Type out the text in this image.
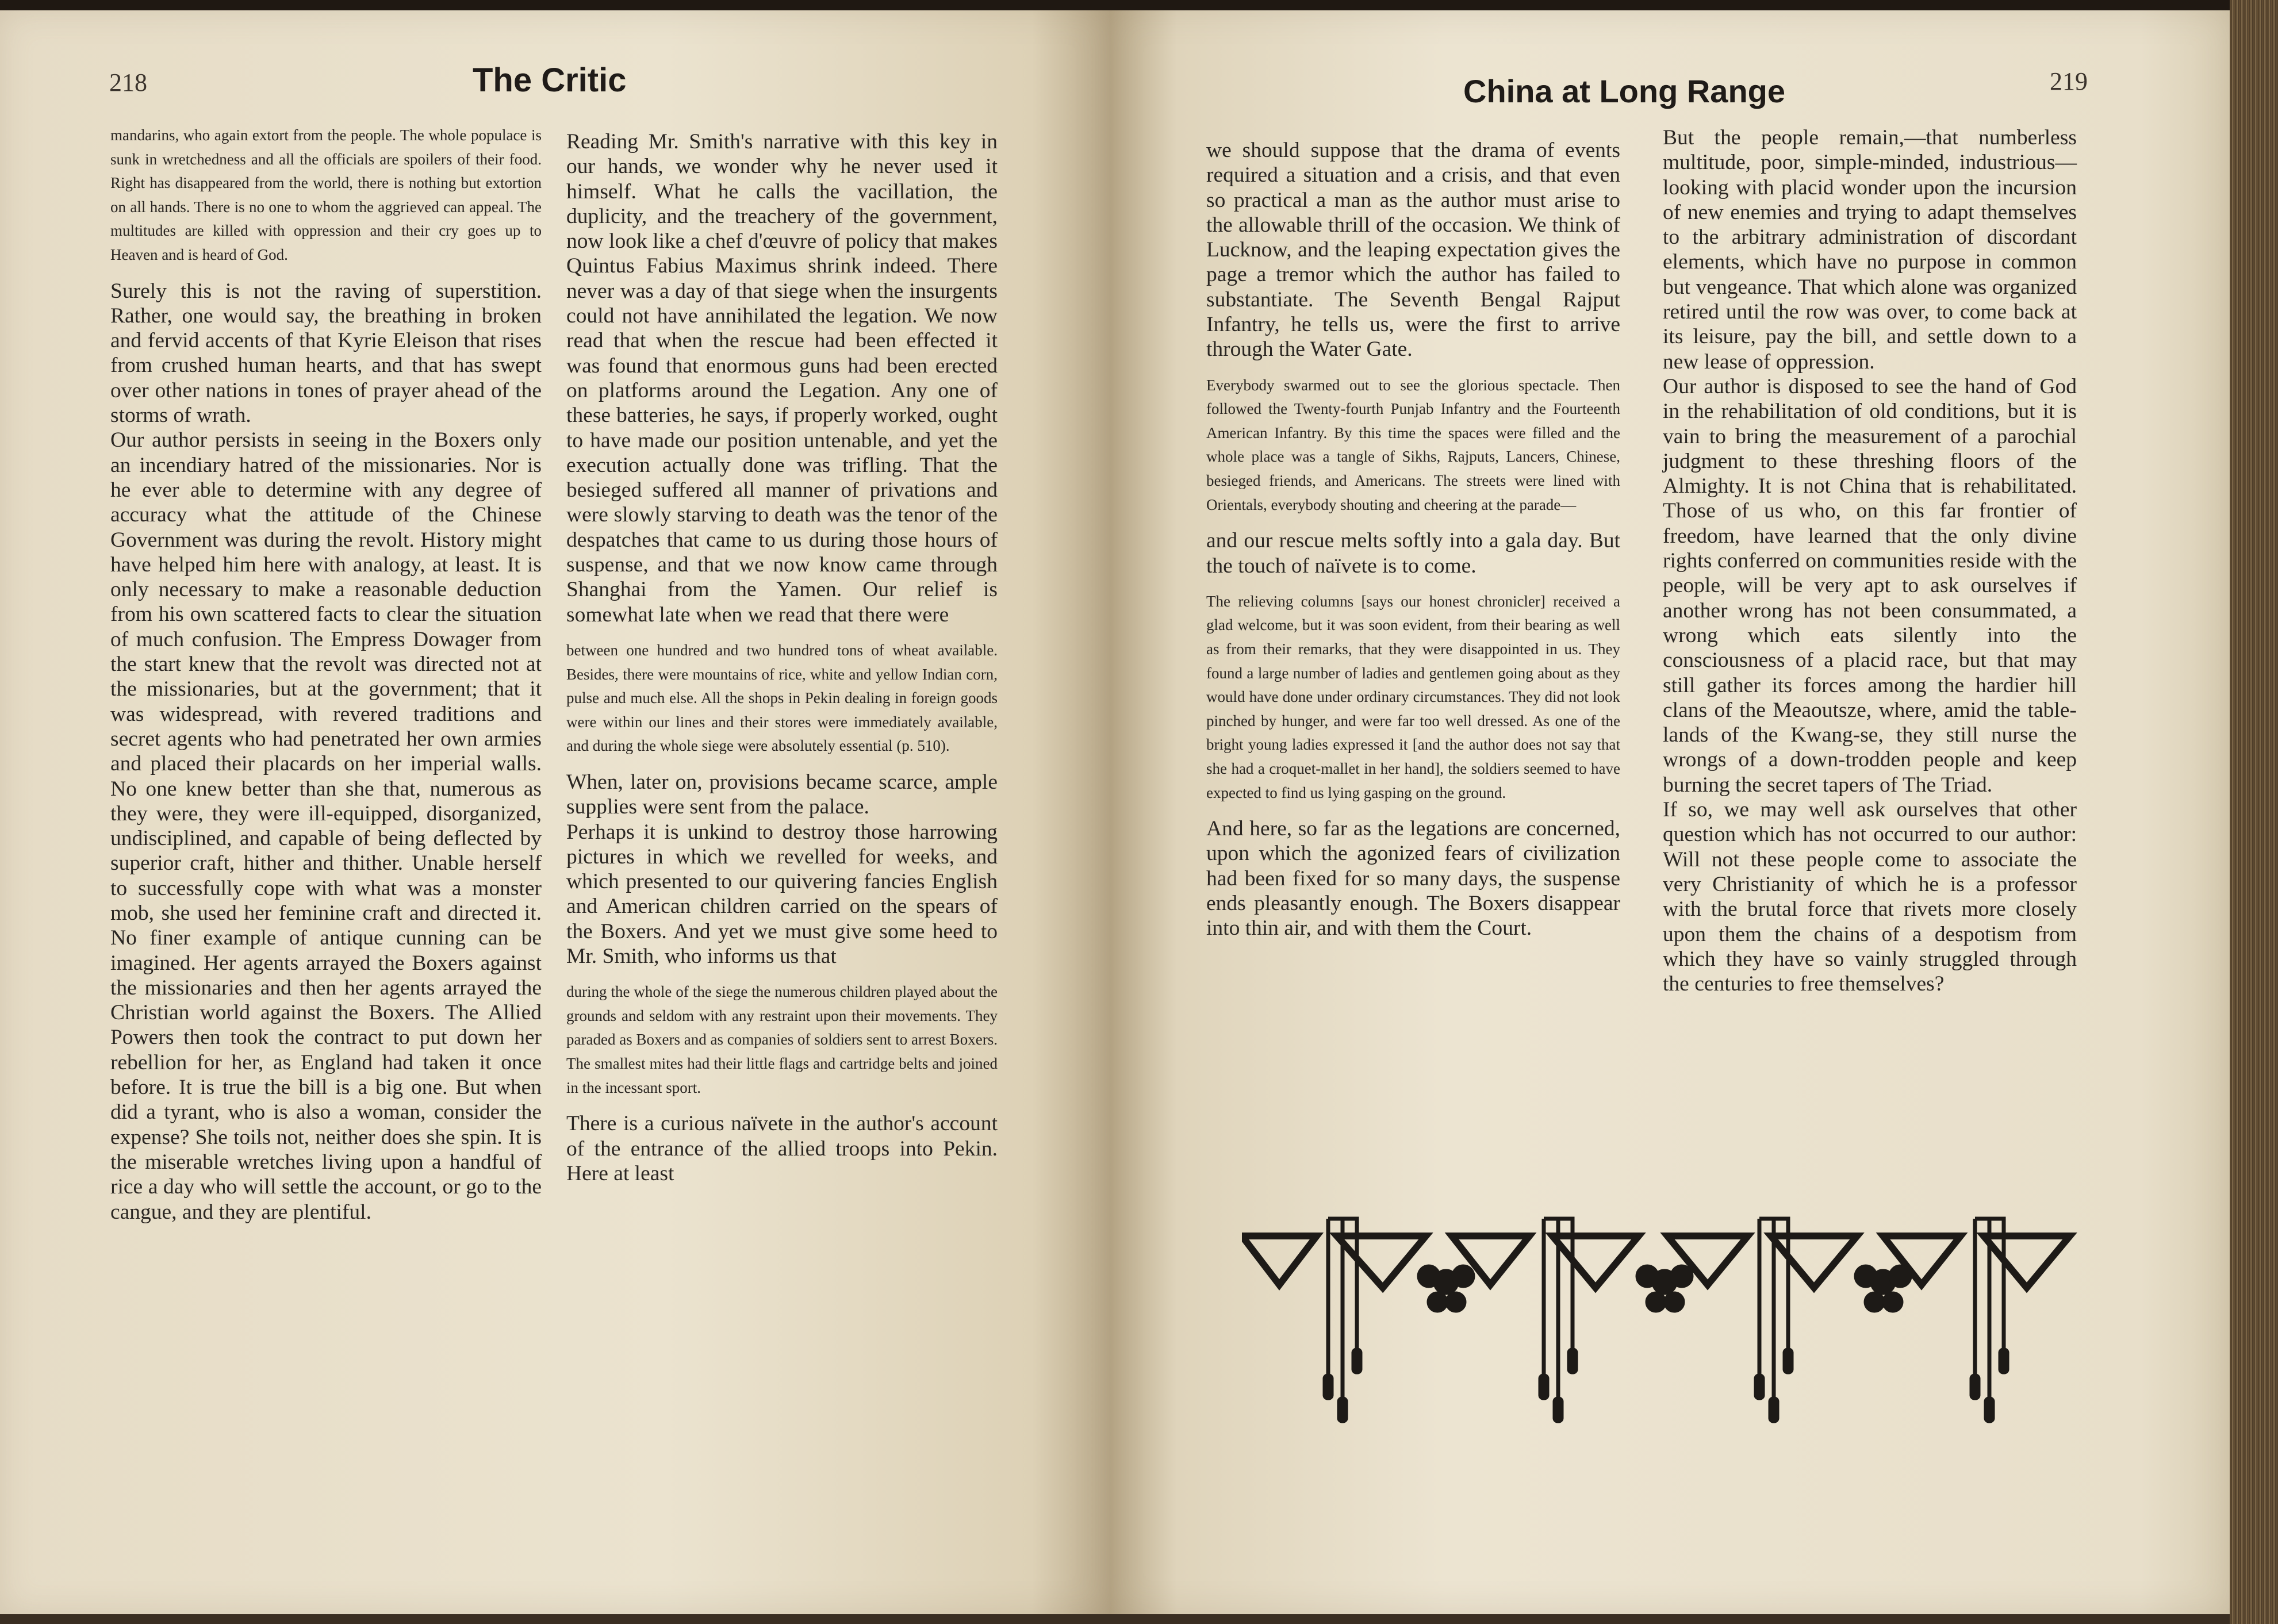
218	The Critic

mandarins, who again extort from the people. The whole populace is sunk in wretchedness and all the officials are spoilers of their food. Right has disappeared from the world, there is nothing but extortion on all hands. There is no one to whom the aggrieved can appeal. The multitudes are killed with oppression and their cry goes up to Heaven and is heard of God.

Surely this is not the raving of superstition. Rather, one would say, the breathing in broken and fervid accents of that Kyrie Eleison that rises from crushed human hearts, and that has swept over other nations in tones of prayer ahead of the storms of wrath.

Our author persists in seeing in the Boxers only an incendiary hatred of the missionaries. Nor is he ever able to determine with any degree of accuracy what the attitude of the Chinese Government was during the revolt. History might have helped him here with analogy, at least. It is only necessary to make a reasonable deduction from his own scattered facts to clear the situation of much confusion. The Empress Dowager from the start knew that the revolt was directed not at the missionaries, but at the government; that it was widespread, with revered traditions and secret agents who had penetrated her own armies and placed their placards on her imperial walls. No one knew better than she that, numerous as they were, they were ill-equipped, disorganized, undisciplined, and capable of being deflected by superior craft, hither and thither. Unable herself to successfully cope with what was a monster mob, she used her feminine craft and directed it. No finer example of antique cunning can be imagined. Her agents arrayed the Boxers against the missionaries and then her agents arrayed the Christian world against the Boxers. The Allied Powers then took the contract to put down her rebellion for her, as England had taken it once before. It is true the bill is a big one. But when did a tyrant, who is also a woman, consider the expense? She toils not, neither does she spin. It is the miserable wretches living upon a handful of rice a day who will settle the account, or go to the cangue, and they are plentiful.

Reading Mr. Smith's narrative with this key in our hands, we wonder why he never used it himself. What he calls the vacillation, the duplicity, and the treachery of the government, now look like a chef d'œuvre of policy that makes Quintus Fabius Maximus shrink indeed. There never was a day of that siege when the insurgents could not have annihilated the legation. We now read that when the rescue had been effected it was found that enormous guns had been erected on platforms around the Legation. Any one of these batteries, he says, if properly worked, ought to have made our position untenable, and yet the execution actually done was trifling. That the besieged suffered all manner of privations and were slowly starving to death was the tenor of the despatches that came to us during those hours of suspense, and that we now know came through Shanghai from the Yamen. Our relief is somewhat late when we read that there were

between one hundred and two hundred tons of wheat available. Besides, there were mountains of rice, white and yellow Indian corn, pulse and much else. All the shops in Pekin dealing in foreign goods were within our lines and their stores were immediately available, and during the whole siege were absolutely essential (p. 510).

When, later on, provisions became scarce, ample supplies were sent from the palace.

Perhaps it is unkind to destroy those harrowing pictures in which we revelled for weeks, and which presented to our quivering fancies English and American children carried on the spears of the Boxers. And yet we must give some heed to Mr. Smith, who informs us that

during the whole of the siege the numerous children played about the grounds and seldom with any restraint upon their movements. They paraded as Boxers and as companies of soldiers sent to arrest Boxers. The smallest mites had their little flags and cartridge belts and joined in the incessant sport.

There is a curious naïvete in the author's account of the entrance of the allied troops into Pekin. Here at least

China at Long Range	219

we should suppose that the drama of events required a situation and a crisis, and that even so practical a man as the author must arise to the allowable thrill of the occasion. We think of Lucknow, and the leaping expectation gives the page a tremor which the author has failed to substantiate. The Seventh Bengal Rajput Infantry, he tells us, were the first to arrive through the Water Gate.

Everybody swarmed out to see the glorious spectacle. Then followed the Twenty-fourth Punjab Infantry and the Fourteenth American Infantry. By this time the spaces were filled and the whole place was a tangle of Sikhs, Rajputs, Lancers, Chinese, besieged friends, and Americans. The streets were lined with Orientals, everybody shouting and cheering at the parade—

and our rescue melts softly into a gala day. But the touch of naïvete is to come.

The relieving columns [says our honest chronicler] received a glad welcome, but it was soon evident, from their bearing as well as from their remarks, that they were disappointed in us. They found a large number of ladies and gentlemen going about as they would have done under ordinary circumstances. They did not look pinched by hunger, and were far too well dressed. As one of the bright young ladies expressed it [and the author does not say that she had a croquet-mallet in her hand], the soldiers seemed to have expected to find us lying gasping on the ground.

And here, so far as the legations are concerned, upon which the agonized fears of civilization had been fixed for so many days, the suspense ends pleasantly enough. The Boxers disappear into thin air, and with them the Court.

But the people remain,—that numberless multitude, poor, simple-minded, industrious—looking with placid wonder upon the incursion of new enemies and trying to adapt themselves to the arbitrary administration of discordant elements, which have no purpose in common but vengeance. That which alone was organized retired until the row was over, to come back at its leisure, pay the bill, and settle down to a new lease of oppression.

Our author is disposed to see the hand of God in the rehabilitation of old conditions, but it is vain to bring the measurement of a parochial judgment to these threshing floors of the Almighty. It is not China that is rehabilitated. Those of us who, on this far frontier of freedom, have learned that the only divine rights conferred on communities reside with the people, will be very apt to ask ourselves if another wrong has not been consummated, a wrong which eats silently into the consciousness of a placid race, but that may still gather its forces among the hardier hill clans of the Meaoutsze, where, amid the table-lands of the Kwang-se, they still nurse the wrongs of a down-trodden people and keep burning the secret tapers of The Triad.

If so, we may well ask ourselves that other question which has not occurred to our author: Will not these people come to associate the very Christianity of which he is a professor with the brutal force that rivets more closely upon them the chains of a despotism from which they have so vainly struggled through the centuries to free themselves?
